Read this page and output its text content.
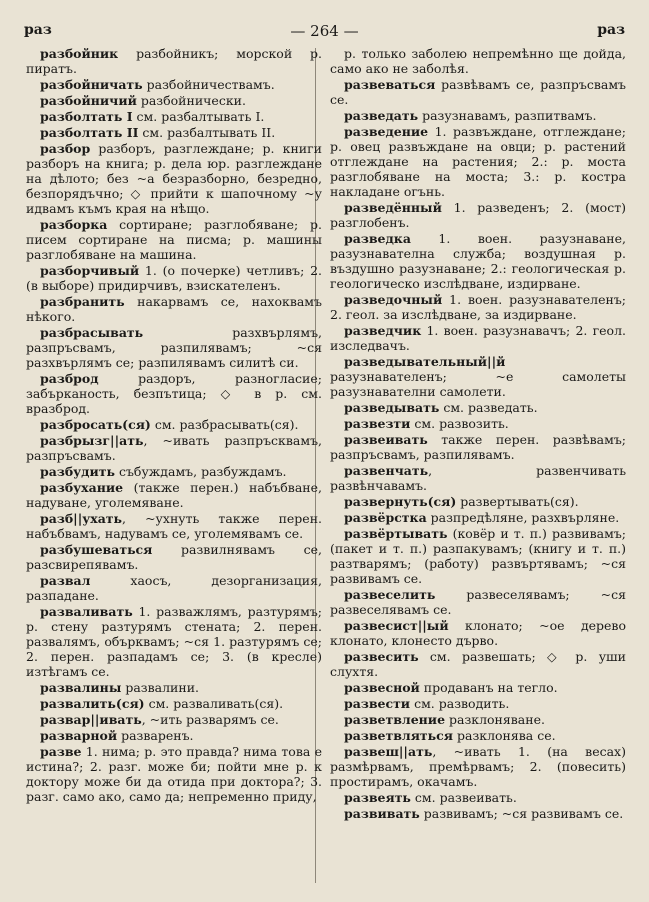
раз	— 264 —	раз

разбойник разбойникъ; морской р. пиратъ.

разбойничать разбойничествамъ.

разбойничий разбойнически.

разболтать I см. разбалтывать I.

разболтать II см. разбалтывать II.

разбор разборъ, разглеждане; р. книги разборъ на книга; р. дела юр. разглеждане на дѣлото; без ~а безразборно, безредно, безпорядъчно; ◇ прийти к шапочному ~у идвамъ къмъ края на нѣщо.

разборка сортиране; разглобяване; р. писем сортиране на писма; р. машины разглобяване на машина.

разборчивый 1. (о почерке) четливъ; 2. (в выборе) придирчивъ, взискателенъ.

разбранить накарвамъ се, нахоквамъ нѣкого.

разбрасывать разхвърлямъ, разпръсвамъ, разпилявамъ; ~ся разхвърлямъ се; разпилявамъ силитѣ си.

разброд раздоръ, разногласие; забърканость, безпътица; ◇ в р. см. вразброд.

разбросать(ся) см. разбрасывать(ся).

разбрызг||ать, ~ивать разпръсквамъ, разпръсвамъ.

разбудить събуждамъ, разбуждамъ.

разбухание (также перен.) набъбване, надуване, уголемяване.

разб||ухать, ~ухнуть также перен. набъбвамъ, надувамъ се, уголемявамъ се.

разбушеваться развилнявамъ се, разсвирепявамъ.

развал хаосъ, дезорганизация, разпадане.

разваливать 1. разважлямъ, разтурямъ; р. стену разтурямъ стената; 2. перен. развалямъ, обърквамъ; ~ся 1. разтурямъ се; 2. перен. разпадамъ се; 3. (в кресле) изтѣгамъ се.

развалины развалини.

развалить(ся) см. разваливать(ся).

развар||ивать, ~ить разварямъ се.

разварной разваренъ.

разве 1. нима; р. это правда? нима това е истина?; 2. разг. може би; пойти мне р. к доктору може би да отида при доктора?; 3. разг. само ако, само да; непременно приду,

р. только заболею непремѣнно ще дойда, само ако не заболѣя.

развеваться развѣвамъ се, разпръсвамъ се.

разведать разузнавамъ, разпитвамъ.

разведение 1. развъждане, отглеждане; р. овец развъждане на овци; р. растений отглеждане на растения; 2.: р. моста разглобяване на моста; 3.: р. костра накладане огънь.

разведённый 1. разведенъ; 2. (мост) разглобенъ.

разведка 1. воен. разузнаване, разузнавателна служба; воздушная р. въздушно разузнаване; 2.: геологическая р. геологическо изслѣдване, издирване.

разведочный 1. воен. разузнавателенъ; 2. геол. за изслѣдване, за издирване.

разведчик 1. воен. разузнавачъ; 2. геол. изследвачъ.

разведывательный||й разузнавателенъ; ~е самолеты разузнавателни самолети.

разведывать см. разведать.

развезти см. развозить.

развеивать также перен. развѣвамъ; разпръсвамъ, разпилявамъ.

развенчать, развенчивать развѣнчавамъ.

развернуть(ся) развертывать(ся).

развёрстка разпредѣляне, разхвърляне.

развёртывать (ковёр и т. п.) развивамъ; (пакет и т. п.) разпакувамъ; (книгу и т. п.) разтварямъ; (работу) развъртявамъ; ~ся развивамъ се.

развеселить развеселявамъ; ~ся развеселявамъ се.

развесист||ый клонато; ~ое дерево клонато, клонесто дърво.

развесить см. развешать; ◇ р. уши слухтя.

развесной продаванъ на тегло.

развести см. разводить.

разветвление разклоняване.

разветвляться разклонява се.

развеш||ать, ~ивать 1. (на весах) размѣрвамъ, премѣрвамъ; 2. (повесить) простирамъ, окачамъ.

развеять см. развеивать.

развивать развивамъ; ~ся развивамъ се.
